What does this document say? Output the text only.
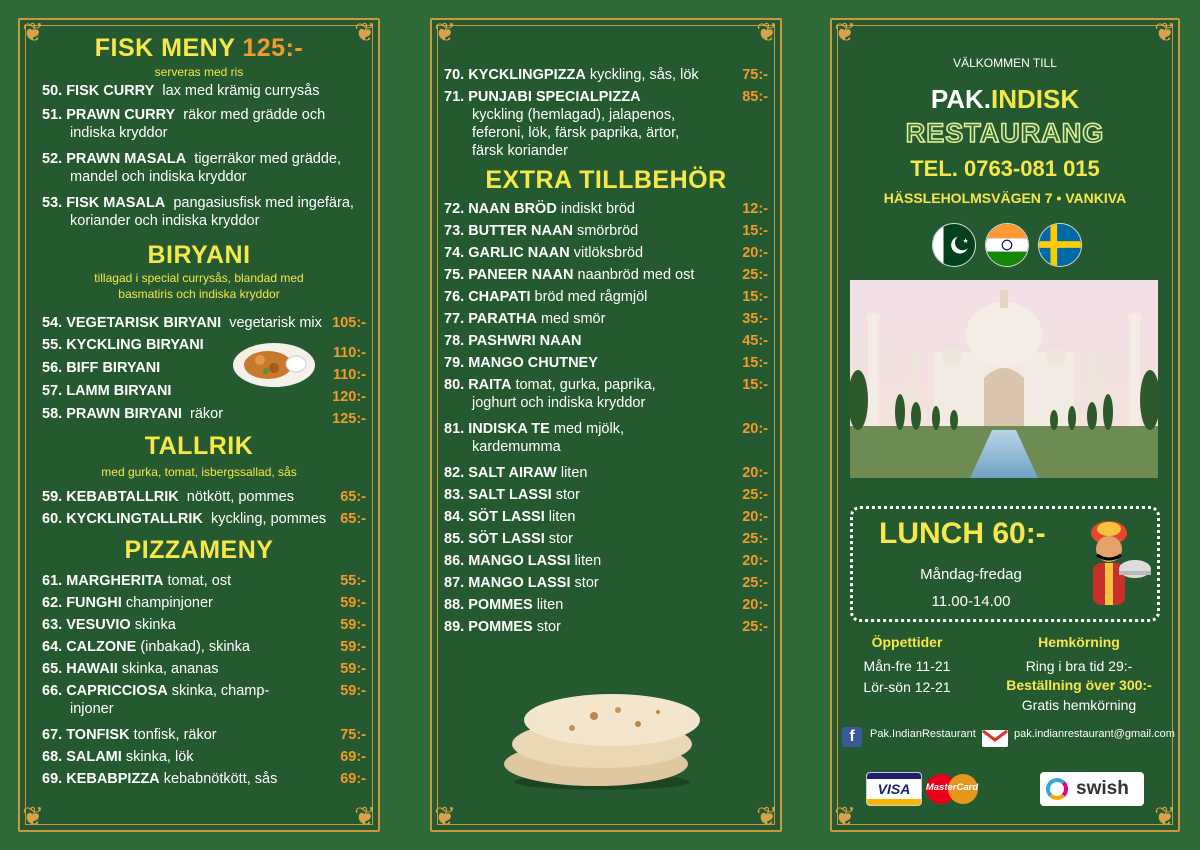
❦	❦
❦	❦
FISK MENY 125:-
serveras med ris
50. FISK CURRY lax med krämig currysås
51. PRAWN CURRY räkor med grädde och
indiska kryddor
52. PRAWN MASALA tigerräkor med grädde,
mandel och indiska kryddor
53. FISK MASALA pangasiusfisk med ingefära,
koriander och indiska kryddor
BIRYANI
tillagad i special currysås, blandad med
basmatiris och indiska kryddor
54. VEGETARISK BIRYANI vegetarisk mix 105:-
55. KYCKLING BIRYANI	110:-
56. BIFF BIRYANI	110:-
57. LAMM BIRYANI	120:-
58. PRAWN BIRYANI räkor	125:-
TALLRIK
med gurka, tomat, isbergssallad, sås
59. KEBABTALLRIK nötkött, pommes	65:-
60. KYCKLINGTALLRIK kyckling, pommes 65:-
PIZZAMENY
61. MARGHERITA tomat, ost	55:-
62. FUNGHI champinjoner	59:-
63. VESUVIO skinka	59:-
64. CALZONE (inbakad), skinka	59:-
65. HAWAII skinka, ananas	59:-
66. CAPRICCIOSA skinka, champ-
injoner
59:-
67. TONFISK tonfisk, räkor	75:-
68. SALAMI skinka, lök	69:-
69. KEBABPIZZA kebabnötkött, sås	69:-
❦	❦
❦	❦
70. KYCKLINGPIZZA kyckling, sås, lök	75:-
71. PUNJABI SPECIALPIZZA
kyckling (hemlagad), jalapenos,
feferoni, lök, färsk paprika, ärtor,
färsk koriander
85:-
EXTRA TILLBEHÖR
72. NAAN BRÖD indiskt bröd	12:-
73. BUTTER NAAN smörbröd	15:-
74. GARLIC NAAN vitlöksbröd	20:-
75. PANEER NAAN naanbröd med ost	25:-
76. CHAPATI bröd med rågmjöl	15:-
77. PARATHA med smör	35:-
78. PASHWRI NAAN	45:-
79. MANGO CHUTNEY	15:-
80. RAITA tomat, gurka, paprika,
joghurt och indiska kryddor
15:-
81. INDISKA TE med mjölk,
kardemumma
20:-
82. SALT AIRAW liten	20:-
83. SALT LASSI stor	25:-
84. SÖT LASSI liten	20:-
85. SÖT LASSI stor	25:-
86. MANGO LASSI liten	20:-
87. MANGO LASSI stor	25:-
88. POMMES liten	20:-
89. POMMES stor	25:-
❦	❦
❦	❦
VÄLKOMMEN TILL
PAK.INDISK
RESTAURANG
TEL. 0763-081 015
HÄSSLEHOLMSVÄGEN 7 • VANKIVA
★
LUNCH 60:-
Måndag-fredag
11.00-14.00
Öppettider
Mån-fre 11-21
Lör-sön 12-21
Hemkörning
Ring i bra tid 29:-
Beställning över 300:-
Gratis hemkörning
f	Pak.IndianRestaurant	pak.indianrestaurant@gmail.com
VISA	MasterCard	swish
